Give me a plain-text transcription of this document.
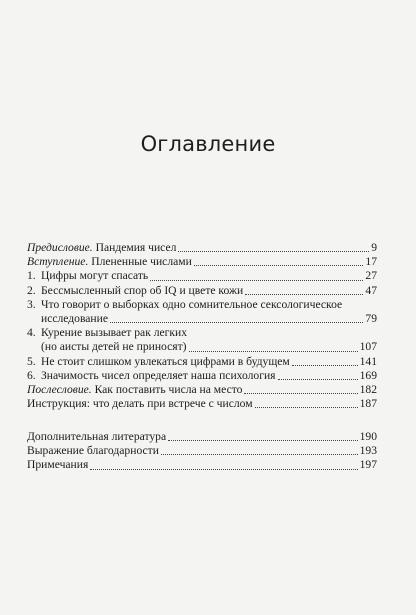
Оглавление
Предисловие. Пандемия чисел	9
Вступление. Плененные числами	17
1. Цифры могут спасать	27
2. Бессмысленный спор об IQ и цвете кожи	47
3. Что говорит о выборках одно сомнительное сексологическое
исследование	79
4. Курение вызывает рак легких
(но аисты детей не приносят)	107
5. Не стоит слишком увлекаться цифрами в будущем	141
6. Значимость чисел определяет наша психология	169
Послесловие. Как поставить числа на место	182
Инструкция: что делать при встрече с числом	187
Дополнительная литература	190
Выражение благодарности	193
Примечания	197
